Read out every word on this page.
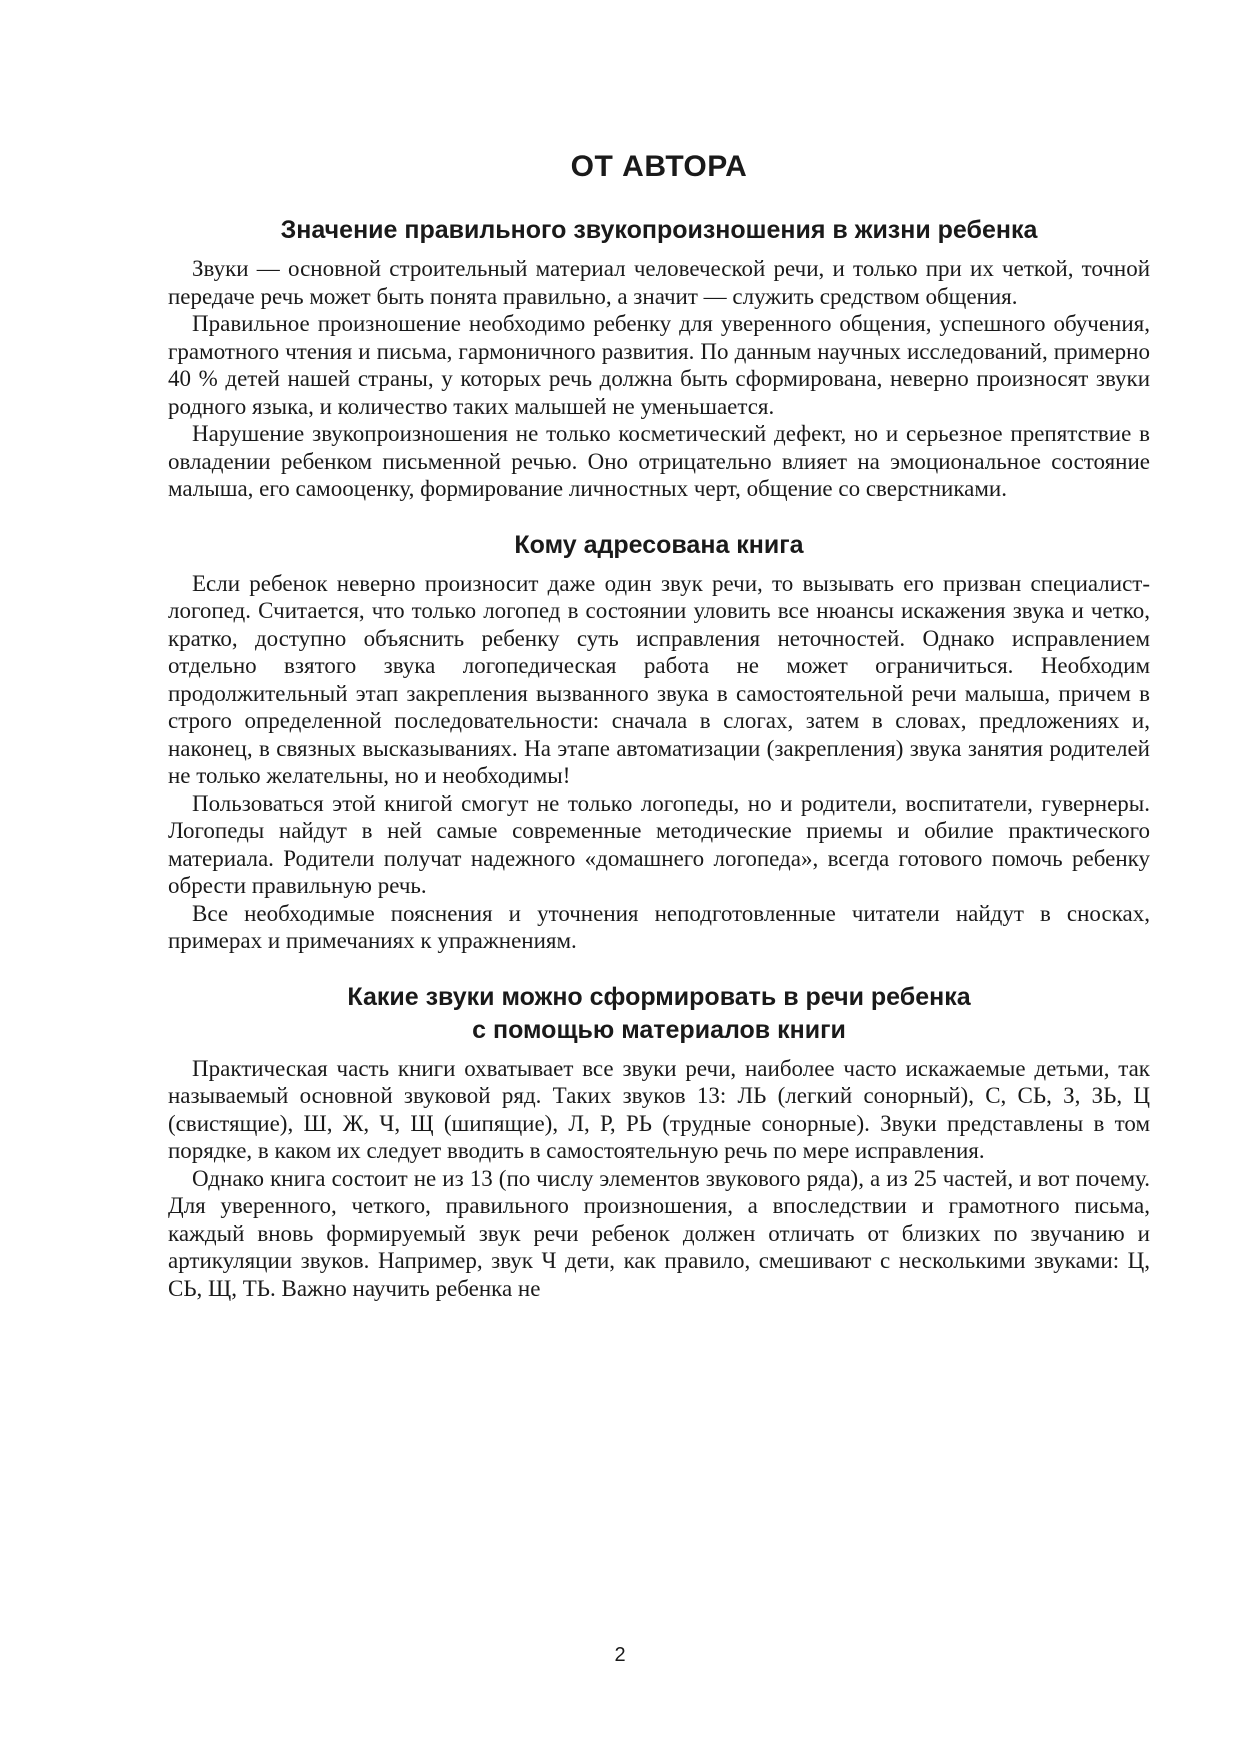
ОТ АВТОРА
Значение правильного звукопроизношения в жизни ребенка

Звуки — основной строительный материал человеческой речи, и только при их четкой, точной передаче речь может быть понята правильно, а значит — служить средством общения.

Правильное произношение необходимо ребенку для уверенного общения, успешного обучения, грамотного чтения и письма, гармоничного развития. По данным научных исследований, примерно 40 % детей нашей страны, у которых речь должна быть сформирована, неверно произносят звуки родного языка, и количество таких малышей не уменьшается.

Нарушение звукопроизношения не только косметический дефект, но и серьезное препятствие в овладении ребенком письменной речью. Оно отрицательно влияет на эмоциональное состояние малыша, его самооценку, формирование личностных черт, общение со сверстниками.

Кому адресована книга

Если ребенок неверно произносит даже один звук речи, то вызывать его призван специалист-логопед. Считается, что только логопед в состоянии уловить все нюансы искажения звука и четко, кратко, доступно объяснить ребенку суть исправления неточностей. Однако исправлением отдельно взятого звука логопедическая работа не может ограничиться. Необходим продолжительный этап закрепления вызванного звука в самостоятельной речи малыша, причем в строго определенной последовательности: сначала в слогах, затем в словах, предложениях и, наконец, в связных высказываниях. На этапе автоматизации (закрепления) звука занятия родителей не только желательны, но и необходимы!

Пользоваться этой книгой смогут не только логопеды, но и родители, воспитатели, гувернеры. Логопеды найдут в ней самые современные методические приемы и обилие практического материала. Родители получат надежного «домашнего логопеда», всегда готового помочь ребенку обрести правильную речь.

Все необходимые пояснения и уточнения неподготовленные читатели найдут в сносках, примерах и примечаниях к упражнениям.

Какие звуки можно сформировать в речи ребенка
с помощью материалов книги

Практическая часть книги охватывает все звуки речи, наиболее часто искажаемые детьми, так называемый основной звуковой ряд. Таких звуков 13: ЛЬ (легкий сонорный), С, СЬ, З, ЗЬ, Ц (свистящие), Ш, Ж, Ч, Щ (шипящие), Л, Р, РЬ (трудные сонорные). Звуки представлены в том порядке, в каком их следует вводить в самостоятельную речь по мере исправления.

Однако книга состоит не из 13 (по числу элементов звукового ряда), а из 25 частей, и вот почему. Для уверенного, четкого, правильного произношения, а впоследствии и грамотного письма, каждый вновь формируемый звук речи ребенок должен отличать от близких по звучанию и артикуляции звуков. Например, звук Ч дети, как правило, смешивают с несколькими звуками: Ц, СЬ, Щ, ТЬ. Важно научить ребенка не

2
